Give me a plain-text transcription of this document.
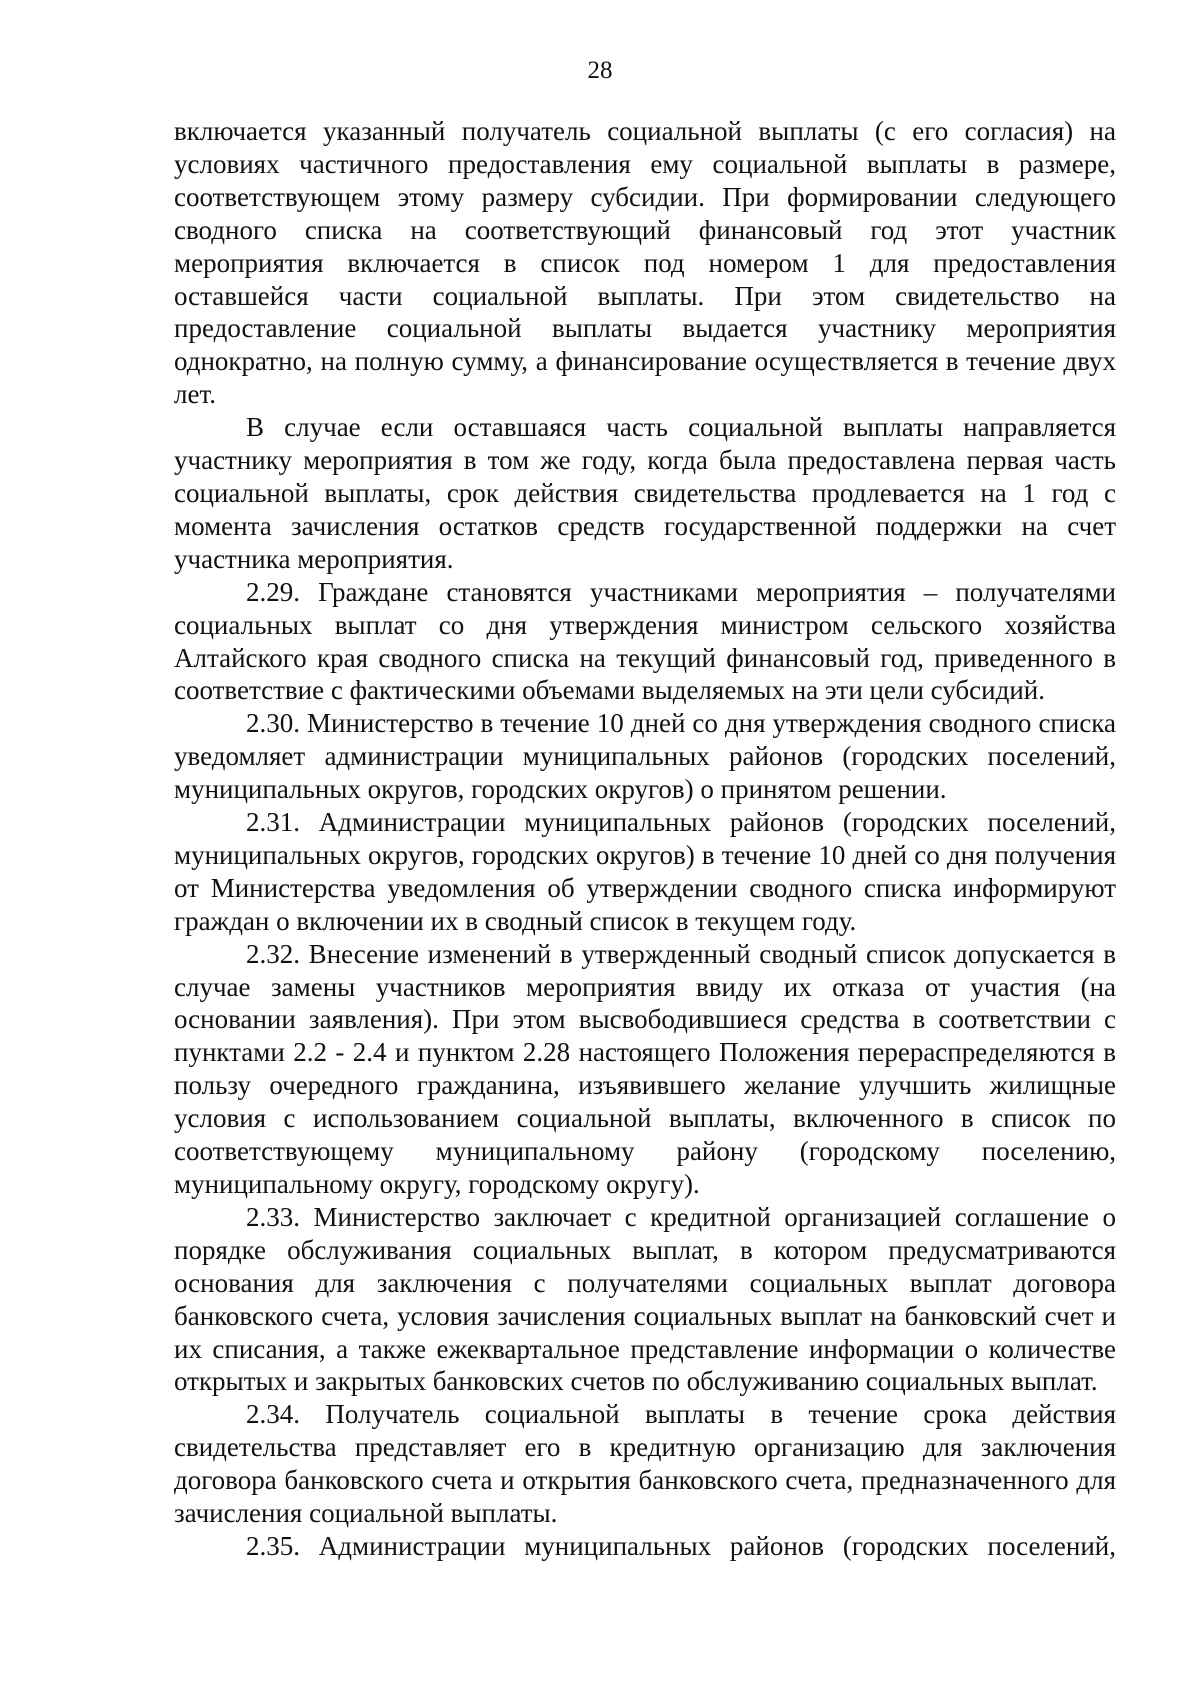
28

включается указанный получатель социальной выплаты (с его согласия) на условиях частичного предоставления ему социальной выплаты в размере, соответствующем этому размеру субсидии. При формировании следующего сводного списка на соответствующий финансовый год этот участник мероприятия включается в список под номером 1 для предоставления оставшейся части социальной выплаты. При этом свидетельство на предоставление социальной выплаты выдается участнику мероприятия однократно, на полную сумму, а финансирование осуществляется в течение двух лет.

В случае если оставшаяся часть социальной выплаты направляется участнику мероприятия в том же году, когда была предоставлена первая часть социальной выплаты, срок действия свидетельства продлевается на 1 год с момента зачисления остатков средств государственной поддержки на счет участника мероприятия.

2.29. Граждане становятся участниками мероприятия – получателями социальных выплат со дня утверждения министром сельского хозяйства Алтайского края сводного списка на текущий финансовый год, приведенного в соответствие с фактическими объемами выделяемых на эти цели субсидий.

2.30. Министерство в течение 10 дней со дня утверждения сводного списка уведомляет администрации муниципальных районов (городских поселений, муниципальных округов, городских округов) о принятом решении.

2.31. Администрации муниципальных районов (городских поселений, муниципальных округов, городских округов) в течение 10 дней со дня получения от Министерства уведомления об утверждении сводного списка информируют граждан о включении их в сводный список в текущем году.

2.32. Внесение изменений в утвержденный сводный список допускается в случае замены участников мероприятия ввиду их отказа от участия (на основании заявления). При этом высвободившиеся средства в соответствии с пунктами 2.2 - 2.4 и пунктом 2.28 настоящего Положения перераспределяются в пользу очередного гражданина, изъявившего желание улучшить жилищные условия с использованием социальной выплаты, включенного в список по соответствующему муниципальному району (городскому поселению, муниципальному округу, городскому округу).

2.33. Министерство заключает с кредитной организацией соглашение о порядке обслуживания социальных выплат, в котором предусматриваются основания для заключения с получателями социальных выплат договора банковского счета, условия зачисления социальных выплат на банковский счет и их списания, а также ежеквартальное представление информации о количестве открытых и закрытых банковских счетов по обслуживанию социальных выплат.

2.34. Получатель социальной выплаты в течение срока действия свидетельства представляет его в кредитную организацию для заключения договора банковского счета и открытия банковского счета, предназначенного для зачисления социальной выплаты.

2.35. Администрации муниципальных районов (городских поселений,
